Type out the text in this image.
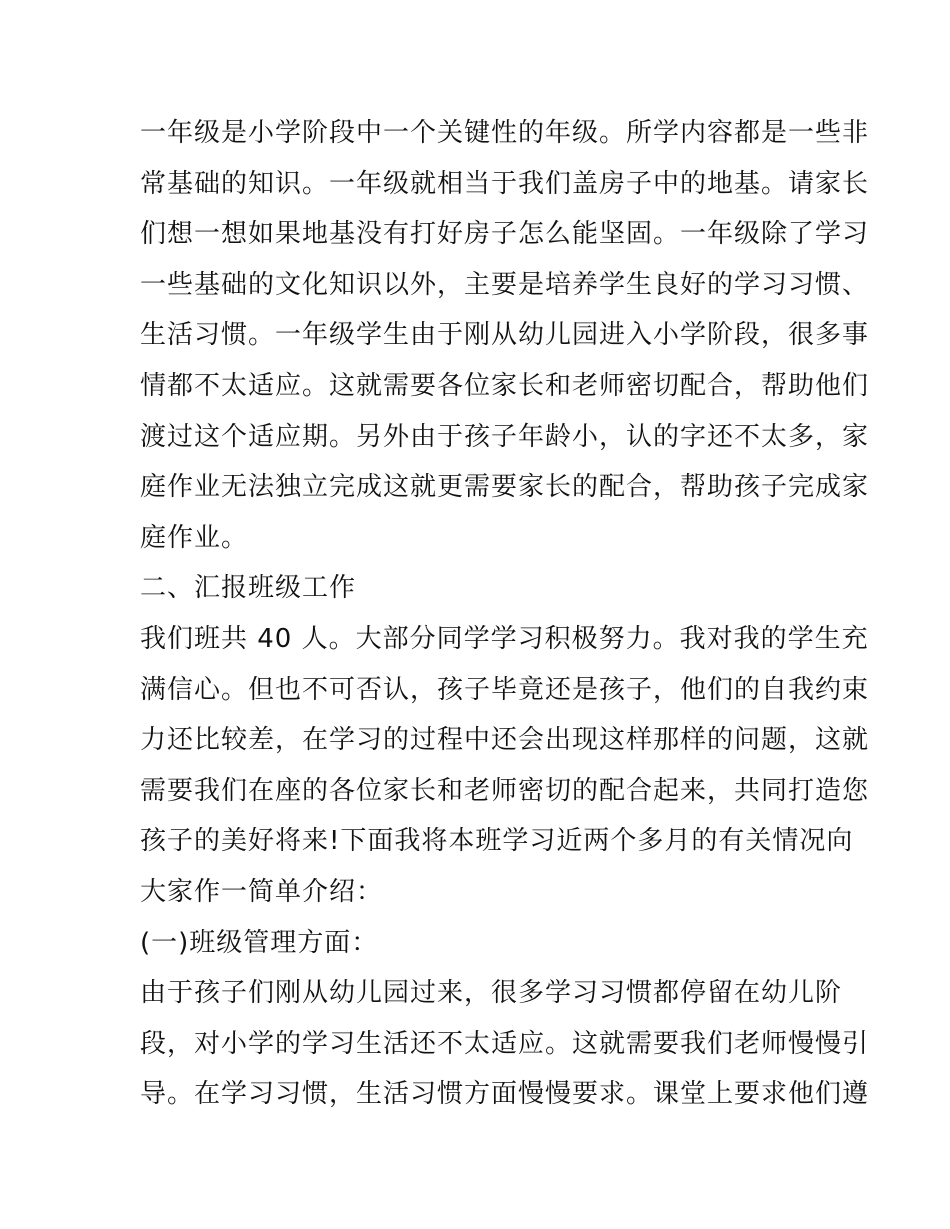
一年级是小学阶段中一个关键性的年级。所学内容都是一些非
常基础的知识。一年级就相当于我们盖房子中的地基。请家长
们想一想如果地基没有打好房子怎么能坚固。一年级除了学习
一些基础的文化知识以外，主要是培养学生良好的学习习惯、
生活习惯。一年级学生由于刚从幼儿园进入小学阶段，很多事
情都不太适应。这就需要各位家长和老师密切配合，帮助他们
渡过这个适应期。另外由于孩子年龄小，认的字还不太多，家
庭作业无法独立完成这就更需要家长的配合，帮助孩子完成家
庭作业。
二、汇报班级工作
我们班共 40 人。大部分同学学习积极努力。我对我的学生充
满信心。但也不可否认，孩子毕竟还是孩子，他们的自我约束
力还比较差，在学习的过程中还会出现这样那样的问题，这就
需要我们在座的各位家长和老师密切的配合起来，共同打造您
孩子的美好将来!下面我将本班学习近两个多月的有关情况向
大家作一简单介绍：
(一)班级管理方面：
由于孩子们刚从幼儿园过来，很多学习习惯都停留在幼儿阶
段，对小学的学习生活还不太适应。这就需要我们老师慢慢引
导。在学习习惯，生活习惯方面慢慢要求。课堂上要求他们遵
